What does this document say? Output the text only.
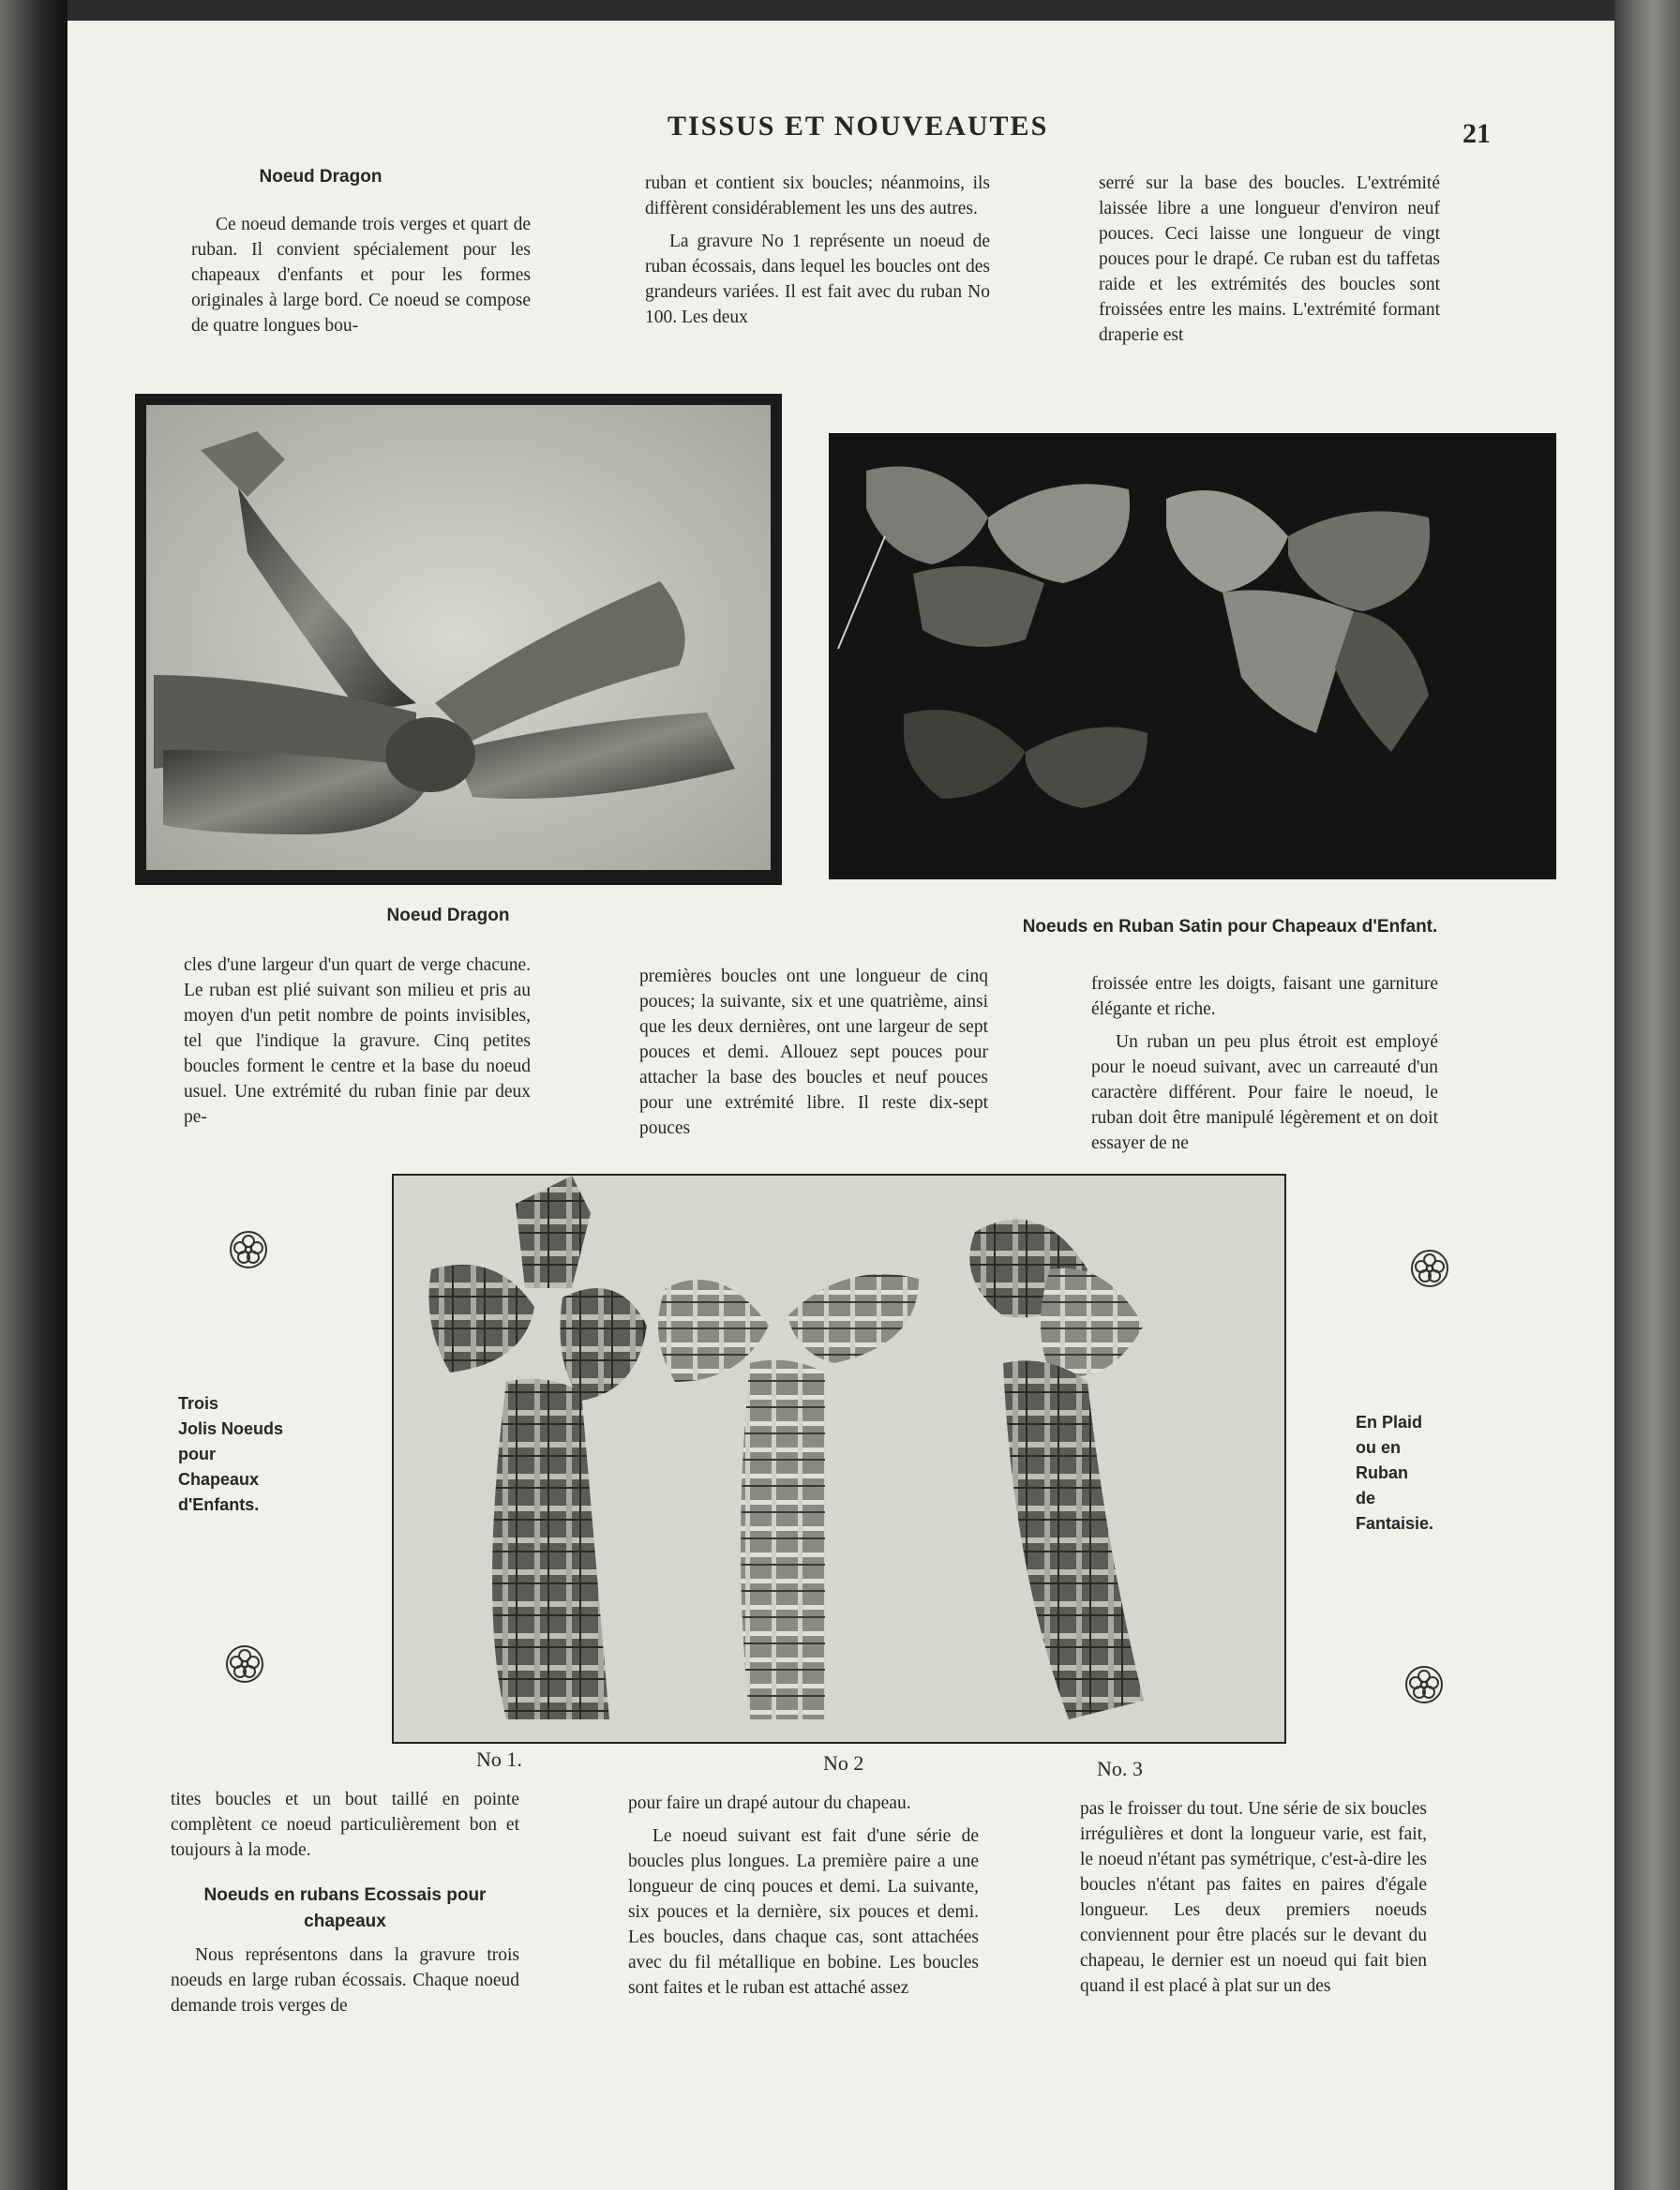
TISSUS ET NOUVEAUTES	21
Noeud Dragon

Ce noeud demande trois verges et quart de ruban. Il convient spécialement pour les chapeaux d'enfants et pour les formes originales à large bord. Ce noeud se compose de quatre longues bou-

ruban et contient six boucles; néanmoins, ils diffèrent considérablement les uns des autres.

La gravure No 1 représente un noeud de ruban écossais, dans lequel les boucles ont des grandeurs variées. Il est fait avec du ruban No 100. Les deux

serré sur la base des boucles. L'extrémité laissée libre a une longueur d'environ neuf pouces. Ceci laisse une longueur de vingt pouces pour le drapé. Ce ruban est du taffetas raide et les extrémités des boucles sont froissées entre les mains. L'extrémité formant draperie est

Noeud Dragon
Noeuds en Ruban Satin pour Chapeaux d'Enfant.

cles d'une largeur d'un quart de verge chacune. Le ruban est plié suivant son milieu et pris au moyen d'un petit nombre de points invisibles, tel que l'indique la gravure. Cinq petites boucles forment le centre et la base du noeud usuel. Une extrémité du ruban finie par deux pe-

premières boucles ont une longueur de cinq pouces; la suivante, six et une quatrième, ainsi que les deux dernières, ont une largeur de sept pouces et demi. Allouez sept pouces pour attacher la base des boucles et neuf pouces pour une extrémité libre. Il reste dix-sept pouces

froissée entre les doigts, faisant une garniture élégante et riche.

Un ruban un peu plus étroit est employé pour le noeud suivant, avec un carreauté d'un caractère différent. Pour faire le noeud, le ruban doit être manipulé légèrement et on doit essayer de ne

Trois
Jolis Noeuds
pour
Chapeaux
d'Enfants.
En Plaid
ou en
Ruban
de
Fantaisie.
No 1.	No 2	No. 3

tites boucles et un bout taillé en pointe complètent ce noeud particulièrement bon et toujours à la mode.

Noeuds en rubans Ecossais pour chapeaux

Nous représentons dans la gravure trois noeuds en large ruban écossais. Chaque noeud demande trois verges de

pour faire un drapé autour du chapeau.

Le noeud suivant est fait d'une série de boucles plus longues. La première paire a une longueur de cinq pouces et demi. La suivante, six pouces et la dernière, six pouces et demi. Les boucles, dans chaque cas, sont attachées avec du fil métallique en bobine. Les boucles sont faites et le ruban est attaché assez

pas le froisser du tout. Une série de six boucles irrégulières et dont la longueur varie, est fait, le noeud n'étant pas symétrique, c'est-à-dire les boucles n'étant pas faites en paires d'égale longueur. Les deux premiers noeuds conviennent pour être placés sur le devant du chapeau, le dernier est un noeud qui fait bien quand il est placé à plat sur un des
